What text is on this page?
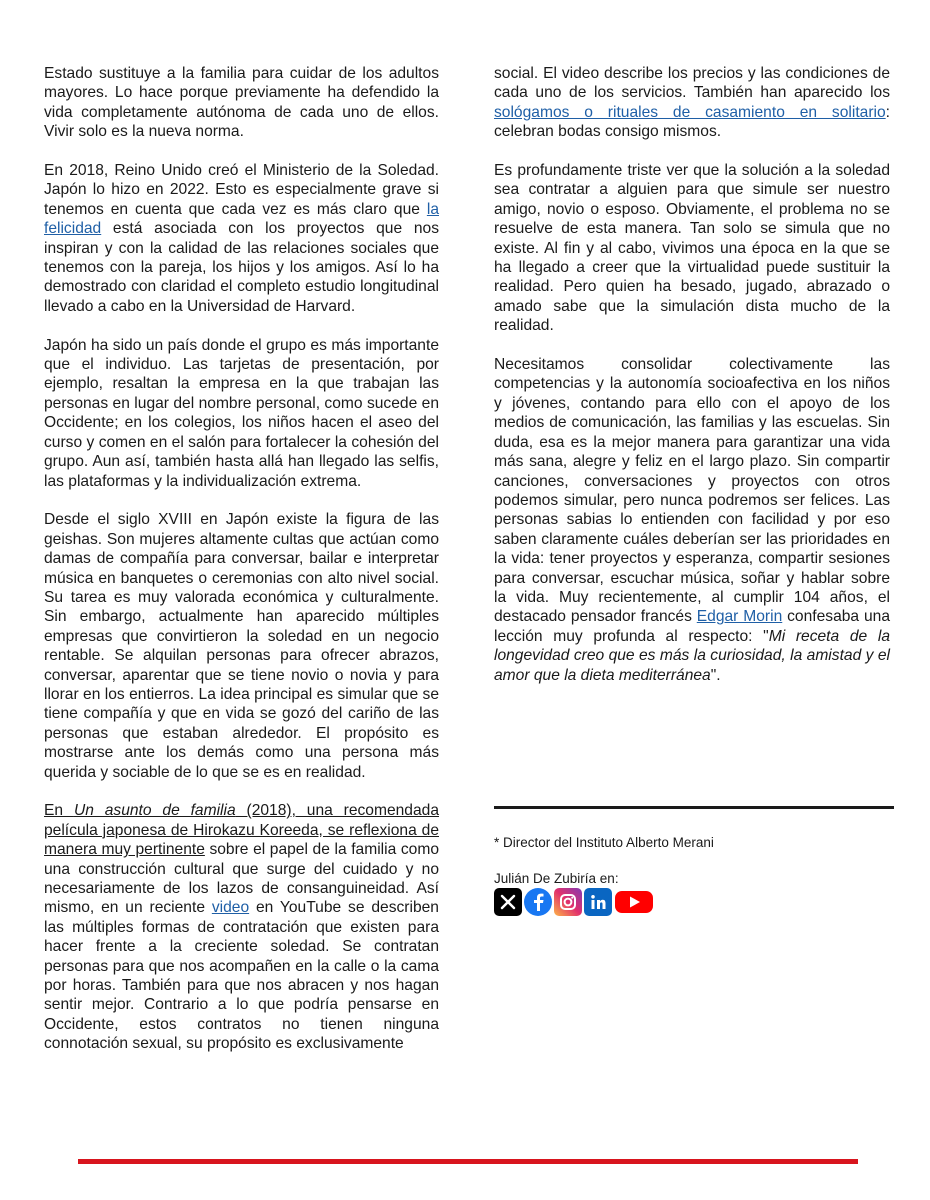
Estado sustituye a la familia para cuidar de los adultos mayores. Lo hace porque previamente ha defendido la vida completamente autónoma de cada uno de ellos. Vivir solo es la nueva norma.

En 2018, Reino Unido creó el Ministerio de la Soledad. Japón lo hizo en 2022. Esto es especialmente grave si tenemos en cuenta que cada vez es más claro que la felicidad está asociada con los proyectos que nos inspiran y con la calidad de las relaciones sociales que tenemos con la pareja, los hijos y los amigos. Así lo ha demostrado con claridad el completo estudio longitudinal llevado a cabo en la Universidad de Harvard.

Japón ha sido un país donde el grupo es más importante que el individuo. Las tarjetas de presentación, por ejemplo, resaltan la empresa en la que trabajan las personas en lugar del nombre personal, como sucede en Occidente; en los colegios, los niños hacen el aseo del curso y comen en el salón para fortalecer la cohesión del grupo. Aun así, también hasta allá han llegado las selfis, las plataformas y la individualización extrema.

Desde el siglo XVIII en Japón existe la figura de las geishas. Son mujeres altamente cultas que actúan como damas de compañía para conversar, bailar e interpretar música en banquetes o ceremonias con alto nivel social. Su tarea es muy valorada económica y culturalmente. Sin embargo, actualmente han aparecido múltiples empresas que convirtieron la soledad en un negocio rentable. Se alquilan personas para ofrecer abrazos, conversar, aparentar que se tiene novio o novia y para llorar en los entierros. La idea principal es simular que se tiene compañía y que en vida se gozó del cariño de las personas que estaban alrededor. El propósito es mostrarse ante los demás como una persona más querida y sociable de lo que se es en realidad.

En Un asunto de familia (2018), una recomendada película japonesa de Hirokazu Koreeda, se reflexiona de manera muy pertinente sobre el papel de la familia como una construcción cultural que surge del cuidado y no necesariamente de los lazos de consanguineidad. Así mismo, en un reciente video en YouTube se describen las múltiples formas de contratación que existen para hacer frente a la creciente soledad. Se contratan personas para que nos acompañen en la calle o la cama por horas. También para que nos abracen y nos hagan sentir mejor. Contrario a lo que podría pensarse en Occidente, estos contratos no tienen ninguna connotación sexual, su propósito es exclusivamente

social. El video describe los precios y las condiciones de cada uno de los servicios. También han aparecido los sológamos o rituales de casamiento en solitario: celebran bodas consigo mismos.

Es profundamente triste ver que la solución a la soledad sea contratar a alguien para que simule ser nuestro amigo, novio o esposo. Obviamente, el problema no se resuelve de esta manera. Tan solo se simula que no existe. Al fin y al cabo, vivimos una época en la que se ha llegado a creer que la virtualidad puede sustituir la realidad. Pero quien ha besado, jugado, abrazado o amado sabe que la simulación dista mucho de la realidad.

Necesitamos consolidar colectivamente las competencias y la autonomía socioafectiva en los niños y jóvenes, contando para ello con el apoyo de los medios de comunicación, las familias y las escuelas. Sin duda, esa es la mejor manera para garantizar una vida más sana, alegre y feliz en el largo plazo. Sin compartir canciones, conversaciones y proyectos con otros podemos simular, pero nunca podremos ser felices. Las personas sabias lo entienden con facilidad y por eso saben claramente cuáles deberían ser las prioridades en la vida: tener proyectos y esperanza, compartir sesiones para conversar, escuchar música, soñar y hablar sobre la vida. Muy recientemente, al cumplir 104 años, el destacado pensador francés Edgar Morin confesaba una lección muy profunda al respecto: "Mi receta de la longevidad creo que es más la curiosidad, la amistad y el amor que la dieta mediterránea".

* Director del Instituto Alberto Merani
Julián De Zubiría en:
